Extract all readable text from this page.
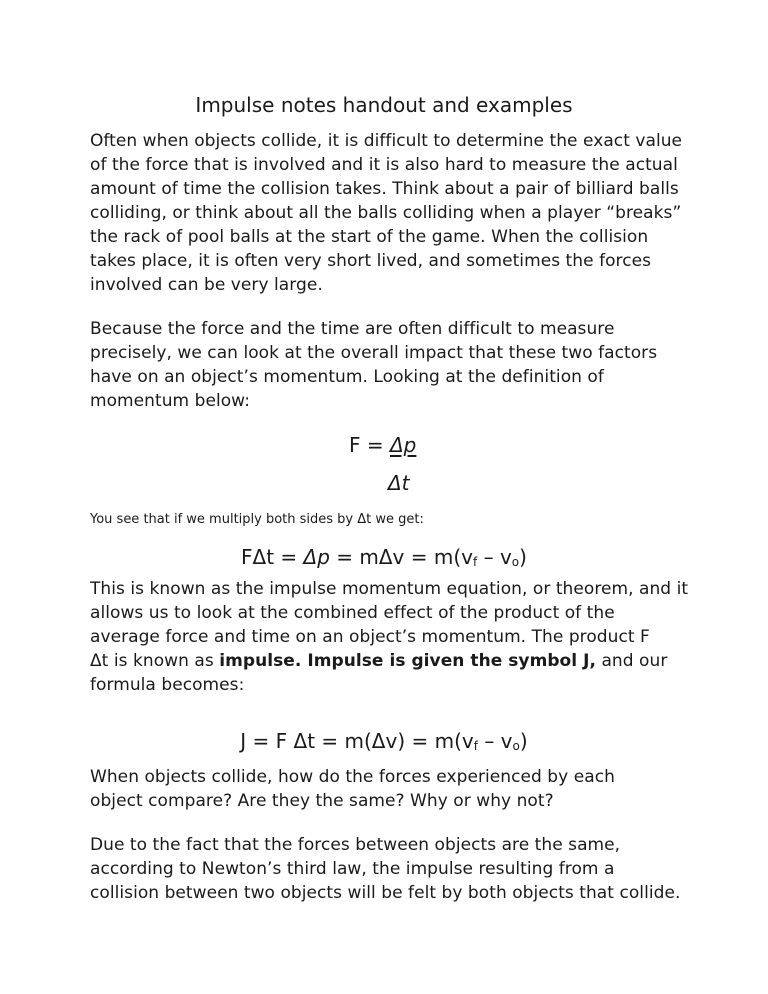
Impulse notes handout and examples

Often when objects collide, it is difficult to determine the exact value
of the force that is involved and it is also hard to measure the actual
amount of time the collision takes. Think about a pair of billiard balls
colliding, or think about all the balls colliding when a player “breaks”
the rack of pool balls at the start of the game. When the collision
takes place, it is often very short lived, and sometimes the forces
involved can be very large.

Because the force and the time are often difficult to measure
precisely, we can look at the overall impact that these two factors
have on an object’s momentum. Looking at the definition of
momentum below:

F = Δp
Δt
You see that if we multiply both sides by Δt we get:
FΔt = Δp = mΔv = m(vf – vo)

This is known as the impulse momentum equation, or theorem, and it
allows us to look at the combined effect of the product of the
average force and time on an object’s momentum. The product F
Δt is known as impulse. Impulse is given the symbol J, and our
formula becomes:

J = F Δt = m(Δv) = m(vf – vo)

When objects collide, how do the forces experienced by each
object compare? Are they the same? Why or why not?

Due to the fact that the forces between objects are the same,
according to Newton’s third law, the impulse resulting from a
collision between two objects will be felt by both objects that collide.
